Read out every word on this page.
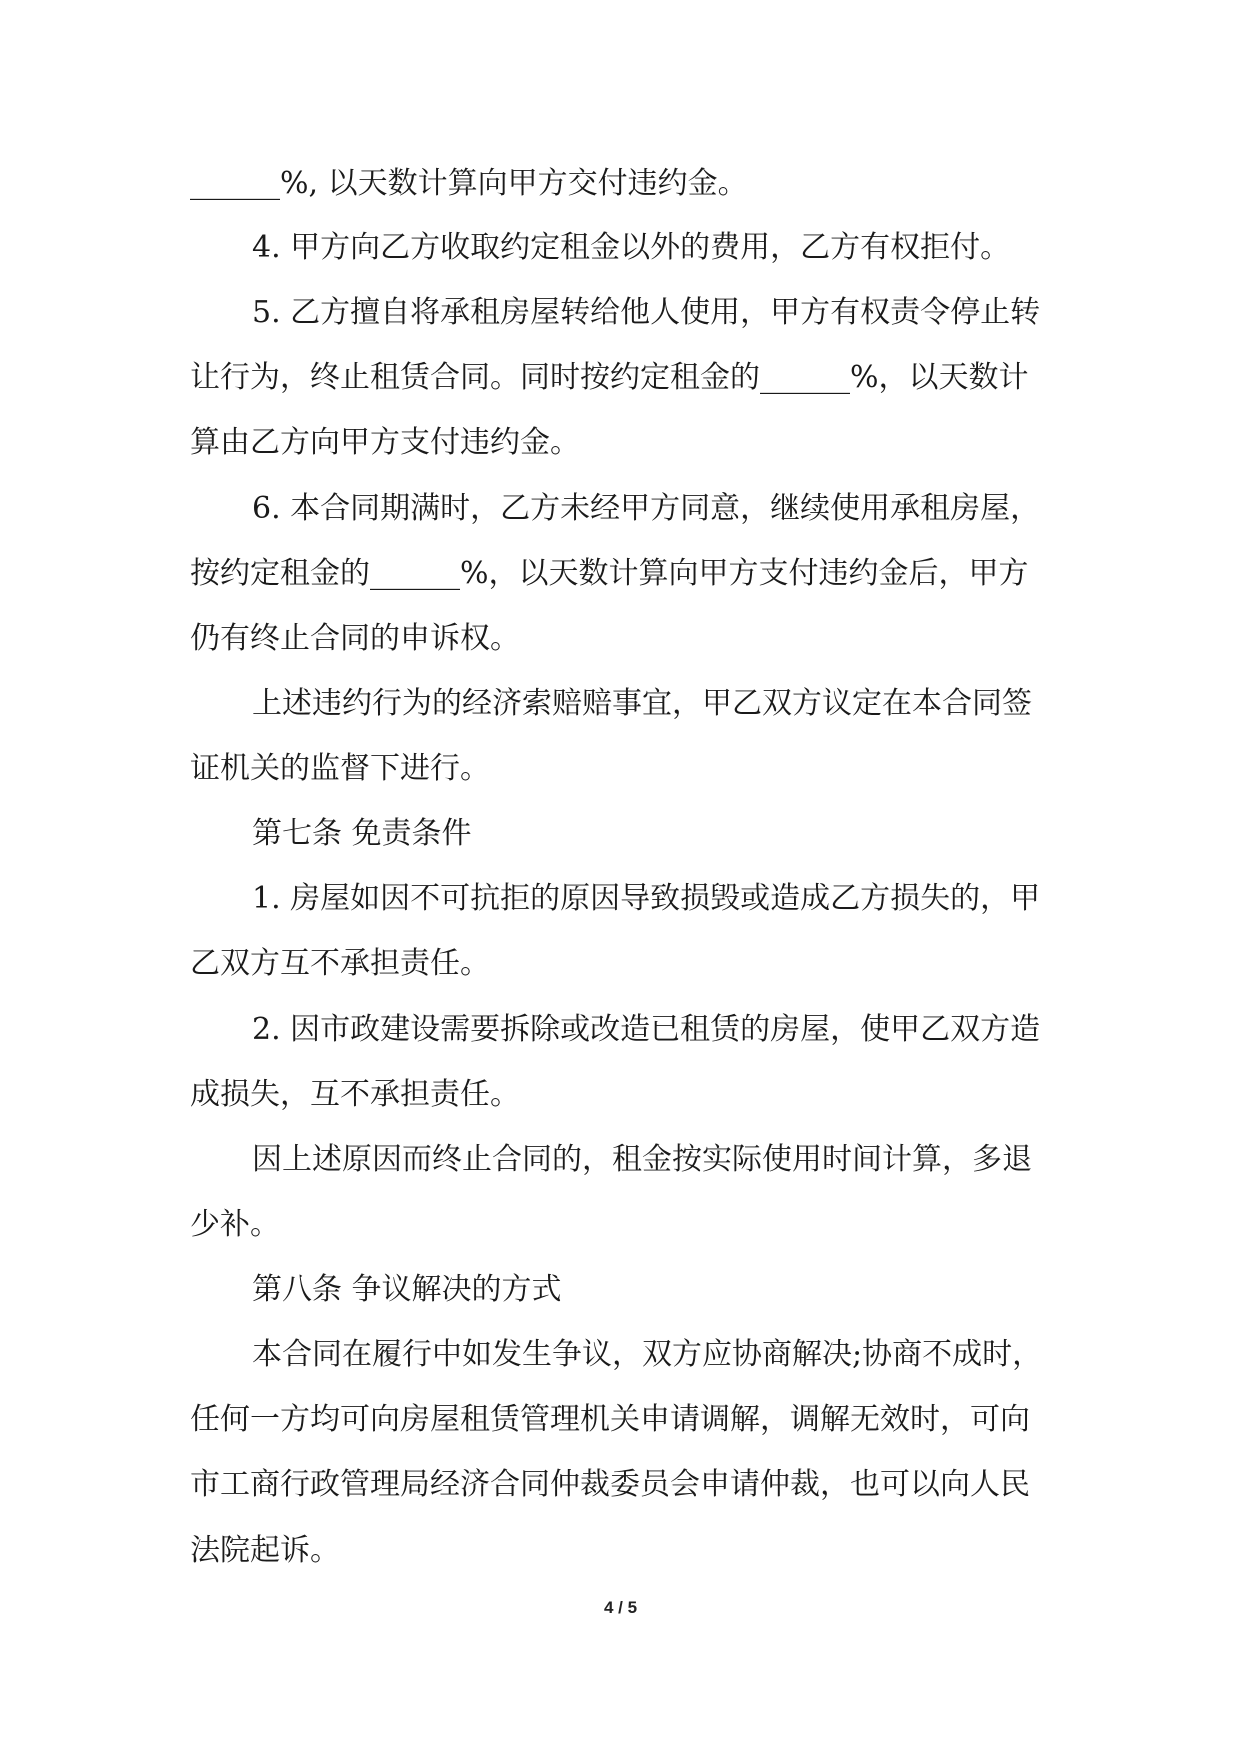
______%, 以天数计算向甲方交付违约金。
4. 甲方向乙方收取约定租金以外的费用，乙方有权拒付。
5. 乙方擅自将承租房屋转给他人使用，甲方有权责令停止转
让行为，终止租赁合同。同时按约定租金的______%，以天数计
算由乙方向甲方支付违约金。
6. 本合同期满时，乙方未经甲方同意，继续使用承租房屋，
按约定租金的______%，以天数计算向甲方支付违约金后，甲方
仍有终止合同的申诉权。
上述违约行为的经济索赔赔事宜，甲乙双方议定在本合同签
证机关的监督下进行。
第七条 免责条件
1. 房屋如因不可抗拒的原因导致损毁或造成乙方损失的，甲
乙双方互不承担责任。
2. 因市政建设需要拆除或改造已租赁的房屋，使甲乙双方造
成损失，互不承担责任。
因上述原因而终止合同的，租金按实际使用时间计算，多退
少补。
第八条 争议解决的方式
本合同在履行中如发生争议，双方应协商解决;协商不成时，
任何一方均可向房屋租赁管理机关申请调解，调解无效时，可向
市工商行政管理局经济合同仲裁委员会申请仲裁，也可以向人民
法院起诉。
4 / 5
